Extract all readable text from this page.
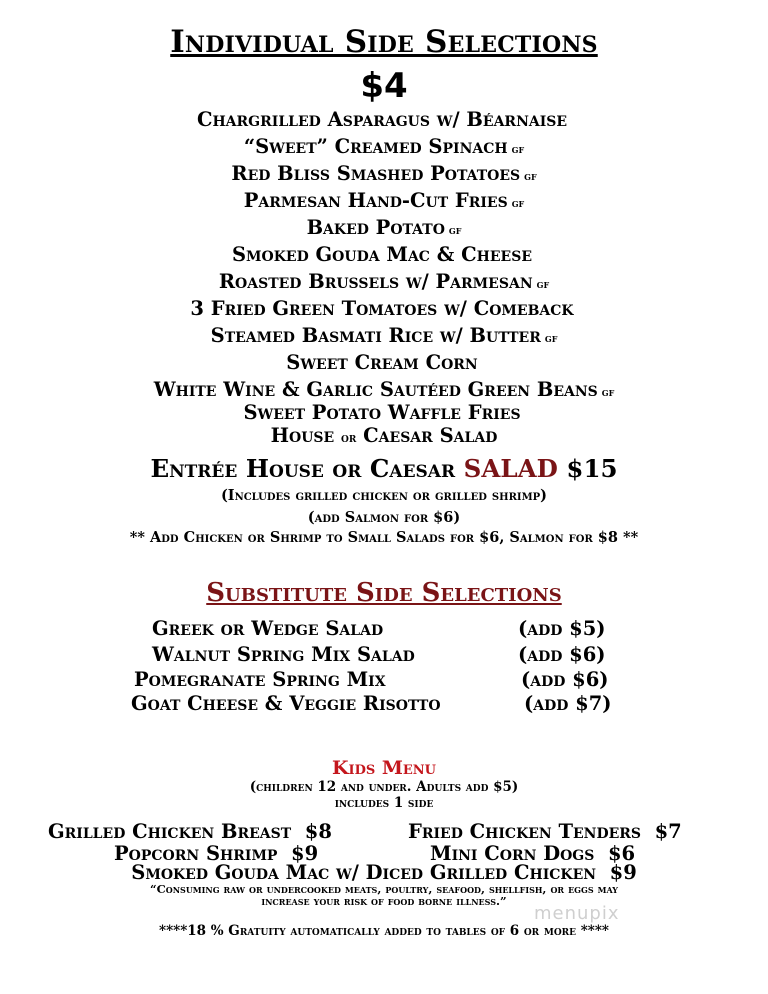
Individual Side Selections
$4
Chargrilled Asparagus w/ Béarnaise
“Sweet” Creamed Spinach gf
Red Bliss Smashed Potatoes gf
Parmesan Hand-Cut Fries gf
Baked Potato gf
Smoked Gouda Mac & Cheese
Roasted Brussels w/ Parmesan gf
3 Fried Green Tomatoes w/ Comeback
Steamed Basmati Rice w/ Butter gf
Sweet Cream Corn
White Wine & Garlic Sautéed Green Beans gf
Sweet Potato Waffle Fries
House or Caesar Salad
Entrée House or Caesar SALAD $15
(Includes grilled chicken or grilled shrimp)
(add Salmon for $6)
** Add Chicken or Shrimp to Small Salads for $6, Salmon for $8 **
Substitute Side Selections
Greek or Wedge Salad	(add $5)
Walnut Spring Mix Salad	(add $6)
Pomegranate Spring Mix	(add $6)
Goat Cheese & Veggie Risotto	(add $7)
Kids Menu
(children 12 and under. Adults add $5)
includes 1 side
Grilled Chicken Breast $8	Fried Chicken Tenders $7
Popcorn Shrimp $9	Mini Corn Dogs $6
Smoked Gouda Mac w/ Diced Grilled Chicken $9
“Consuming raw or undercooked meats, poultry, seafood, shellfish, or eggs may
increase your risk of food borne illness.”
menupix
****18 % Gratuity automatically added to tables of 6 or more ****
